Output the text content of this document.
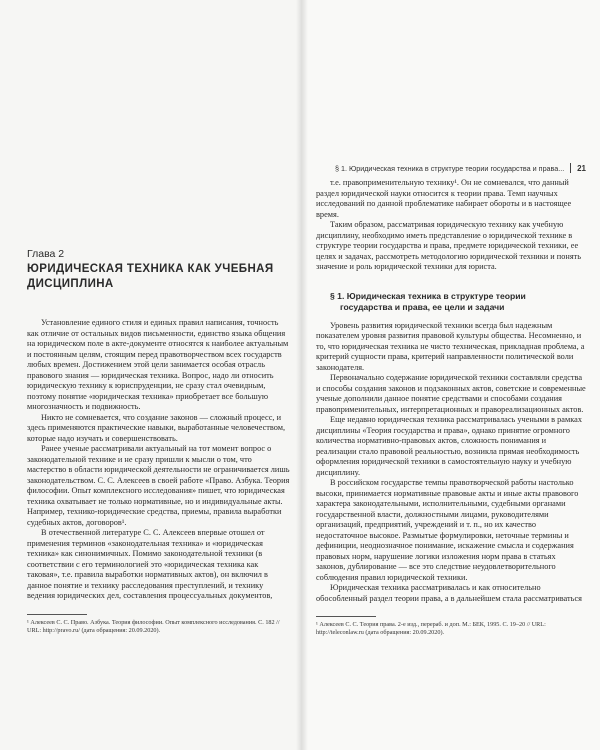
Глава 2
ЮРИДИЧЕСКАЯ ТЕХНИКА КАК УЧЕБНАЯ
ДИСЦИПЛИНА

Установление единого стиля и единых правил написания, точность как отличие от остальных видов письменности, единство языка общения на юридическом поле в акте-документе относятся к наиболее актуальным и постоянным целям, стоящим перед правотворчеством всех государств любых времен. Достижением этой цели занимается особая отрасль правового знания — юридическая техника. Вопрос, надо ли относить юридическую технику к юриспруденции, не сразу стал очевидным, поэтому понятие «юридическая техника» приобретает все большую многозначность и подвижность.

Никто не сомневается, что создание законов — сложный процесс, и здесь применяются практические навыки, выработанные человечеством, которые надо изучать и совершенствовать.

Ранее ученые рассматривали актуальный на тот момент вопрос о законодательной технике и не сразу пришли к мысли о том, что мастерство в области юридической деятельности не ограничивается лишь законодательством. С. С. Алексеев в своей работе «Право. Азбука. Теория философии. Опыт комплексного исследования» пишет, что юридическая техника охватывает не только нормативные, но и индивидуальные акты. Например, технико-юридические средства, приемы, правила выработки судебных актов, договоров¹.

В отечественной литературе С. С. Алексеев впервые отошел от применения терминов «законодательная техника» и «юридическая техника» как синонимичных. Помимо законодательной техники (в соответствии с его терминологией это «юридическая техника как таковая», т.е. правила выработки нормативных актов), он включил в данное понятие и технику расследования преступлений, и технику ведения юридических дел, составления процессуальных документов,

¹ Алексеев С. С. Право. Азбука. Теория философии. Опыт комплексного исследования. С. 182 // URL: http://pravo.ru/ (дата обращения: 20.09.2020).

§ 1. Юридическая техника в структуре теории государства и права... 21

т.е. правоприменительную технику¹. Он не сомневался, что данный раздел юридической науки относится к теории права. Темп научных исследований по данной проблематике набирает обороты и в настоящее время.

Таким образом, рассматривая юридическую технику как учебную дисциплину, необходимо иметь представление о юридической технике в структуре теории государства и права, предмете юридической техники, ее целях и задачах, рассмотреть методологию юридической техники и понять значение и роль юридической техники для юриста.

§ 1. Юридическая техника в структуре теории
государства и права, ее цели и задачи

Уровень развития юридической техники всегда был надежным показателем уровня развития правовой культуры общества. Несомненно, и то, что юридическая техника не чисто техническая, прикладная проблема, а критерий сущности права, критерий направленности политической воли законодателя.

Первоначально содержание юридической техники составляли средства и способы создания законов и подзаконных актов, советские и современные ученые дополнили данное понятие средствами и способами создания правоприменительных, интерпретационных и правореализационных актов.

Еще недавно юридическая техника рассматривалась учеными в рамках дисциплины «Теория государства и права», однако принятие огромного количества нормативно-правовых актов, сложность понимания и реализации стало правовой реальностью, возникла прямая необходимость оформления юридической техники в самостоятельную науку и учебную дисциплину.

В российском государстве темпы правотворческой работы настолько высоки, принимается нормативные правовые акты и иные акты правового характера законодательными, исполнительными, судебными органами государственной власти, должностными лицами, руководителями организаций, предприятий, учреждений и т. п., но их качество недостаточное высокое. Размытые формулировки, неточные термины и дефиниции, неоднозначное понимание, искажение смысла и содержания правовых норм, нарушение логики изложения норм права в статьях законов, дублирование — все это следствие неудовлетворительного соблюдения правил юридической техники.

Юридическая техника рассматривалась и как относительно обособленный раздел теории права, а в дальнейшем стала рассматриваться

¹ Алексеев С. С. Теория права. 2-е изд., перераб. и доп. М.: БЕК, 1995. С. 19–20 // URL: http://teleconlaw.ru (дата обращения: 20.09.2020).
